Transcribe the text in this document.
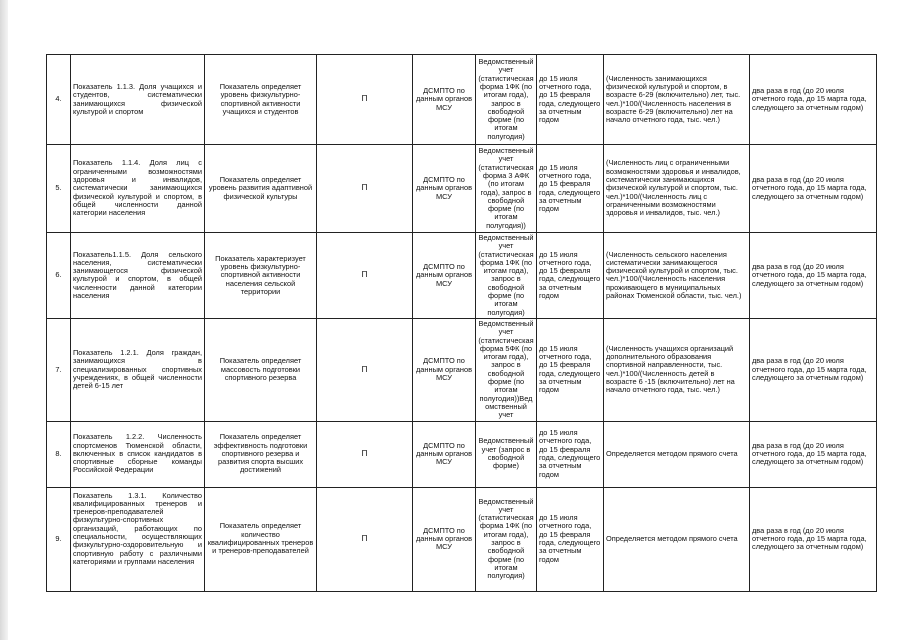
4.	Показатель 1.1.3. Доля учащихся и студентов, систематически занимающихся физической культурой и спортом	Показатель определяет уровень физкультурно-спортивной активности учащихся и студентов	П	ДСМПТО по данным органов МСУ	Ведомственный учет (статистическая форма 1ФК (по итогам года), запрос в свободной форме (по итогам полугодия)	до 15 июля отчетного года, до 15 февраля года, следующего за отчетным годом	(Численность занимающихся физической культурой и спортом, в возрасте 6-29 (включительно) лет, тыс. чел.)*100/(Численность населения в возрасте 6-29 (включительно) лет на начало отчетного года, тыс. чел.)	два раза в год (до 20 июля отчетного года, до 15 марта года, следующего за отчетным годом)
5.	Показатель 1.1.4. Доля лиц с ограниченными возможностями здоровья и инвалидов, систематически занимающихся физической культурой и спортом, в общей численности данной категории населения	Показатель определяет уровень развития адаптивной физической культуры	П	ДСМПТО по данным органов МСУ	Ведомственный учет (статистическая форма 3 АФК (по итогам года), запрос в свободной форме (по итогам полугодия))	до 15 июля отчетного года, до 15 февраля года, следующего за отчетным годом	(Численность лиц с ограниченными возможностями здоровья и инвалидов, систематически занимающихся физической культурой и спортом, тыс. чел.)*100/(Численность лиц с ограниченными возможностями здоровья и инвалидов, тыс. чел.)	два раза в год (до 20 июля отчетного года, до 15 марта года, следующего за отчетным годом)
6.	Показатель1.1.5. Доля сельского населения, систематически занимающегося физической культурой и спортом, в общей численности данной категории населения	Показатель характеризует уровень физкультурно-спортивной активности населения сельской территории	П	ДСМПТО по данным органов МСУ	Ведомственный учет (статистическая форма 1ФК (по итогам года), запрос в свободной форме (по итогам полугодия)	до 15 июля отчетного года, до 15 февраля года, следующего за отчетным годом	(Численность сельского населения систематически занимающегося физической культурой и спортом, тыс. чел.)*100/(Численность населения проживающего в муниципальных районах Тюменской области, тыс. чел.)	два раза в год (до 20 июля отчетного года, до 15 марта года, следующего за отчетным годом)
7.	Показатель 1.2.1. Доля граждан, занимающихся в специализированных спортивных учреждениях, в общей численности детей 6-15 лет	Показатель определяет массовость подготовки спортивного резерва	П	ДСМПТО по данным органов МСУ	Ведомственный учет (статистическая форма 5ФК (по итогам года), запрос в свободной форме (по итогам полугодия))Ведомственный учет	до 15 июля отчетного года, до 15 февраля года, следующего за отчетным годом	(Численность учащихся организаций дополнительного образования спортивной направленности, тыс. чел.)*100/(Численность детей в возрасте 6 -15 (включительно) лет на начало отчетного года, тыс. чел.)	два раза в год (до 20 июля отчетного года, до 15 марта года, следующего за отчетным годом)
8.	Показатель 1.2.2. Численность спортсменов Тюменской области, включенных в список кандидатов в спортивные сборные команды Российской Федерации	Показатель определяет эффективность подготовки спортивного резерва и развития спорта высших достижений	П	ДСМПТО по данным органов МСУ	Ведомственный учет (запрос в свободной форме)	до 15 июля отчетного года, до 15 февраля года, следующего за отчетным годом	Определяется методом прямого счета	два раза в год (до 20 июля отчетного года, до 15 марта года, следующего за отчетным годом)
9.	Показатель 1.3.1. Количество квалифицированных тренеров и тренеров-преподавателей физкультурно-спортивных организаций, работающих по специальности, осуществляющих физкультурно-оздоровительную и спортивную работу с различными категориями и группами населения	Показатель определяет количество квалифицированных тренеров и тренеров-преподавателей	П	ДСМПТО по данным органов МСУ	Ведомственный учет (статистическая форма 1ФК (по итогам года), запрос в свободной форме (по итогам полугодия)	до 15 июля отчетного года, до 15 февраля года, следующего за отчетным годом	Определяется методом прямого счета	два раза в год (до 20 июля отчетного года, до 15 марта года, следующего за отчетным годом)
